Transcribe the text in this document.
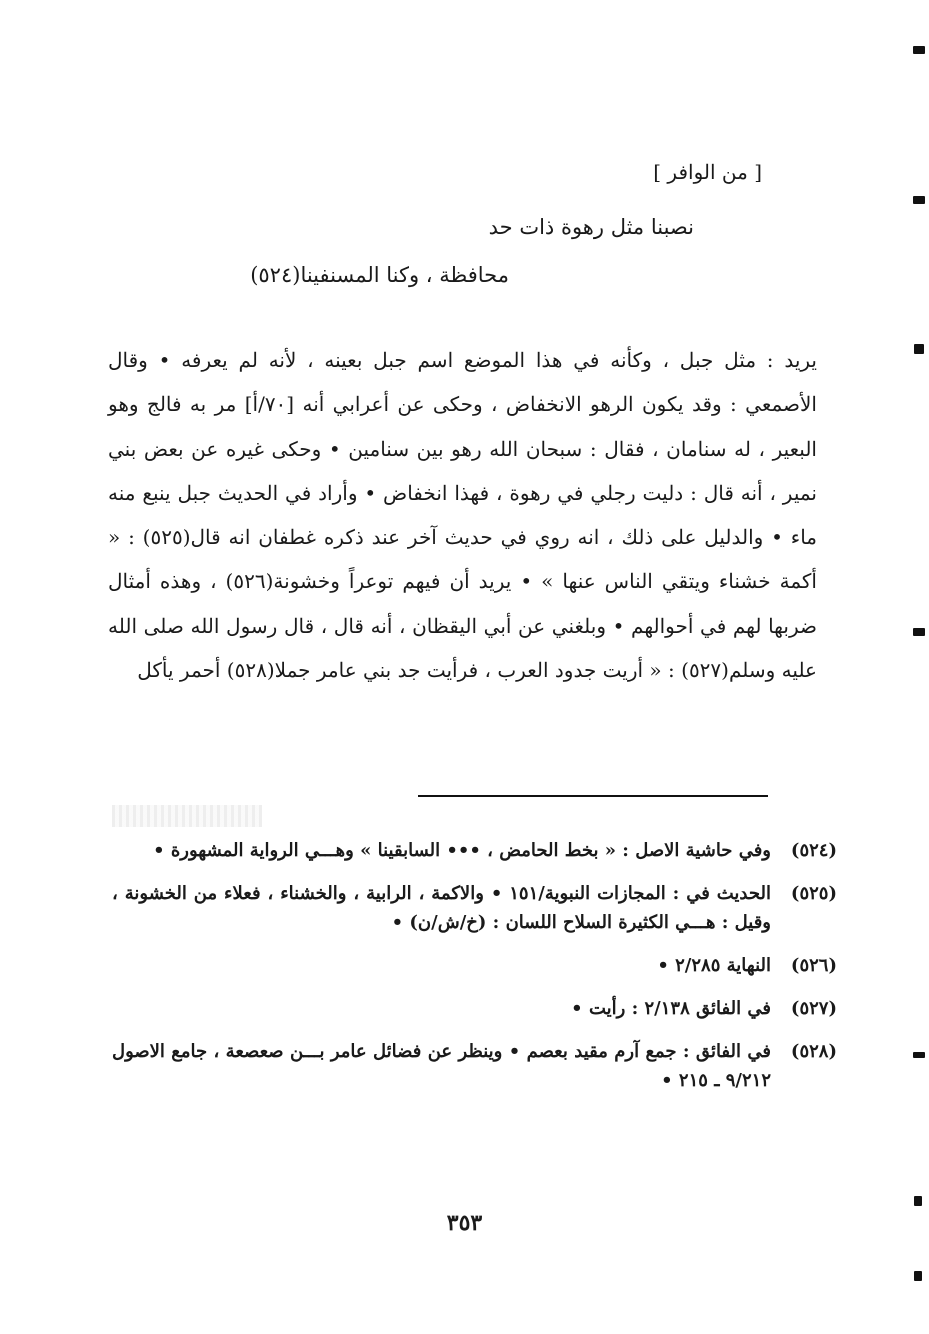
[ من الوافر ]
نصبنا مثل رهوة ذات حد
محافظة ، وكنا المسنفينا(٥٢٤)

يريد : مثل جبل ، وكأنه في هذا الموضع اسم جبل بعينه ، لأنه لم يعرفه • وقال الأصمعي : وقد يكون الرهو الانخفاض ، وحكى عن أعرابي أنه [٧٠/أ] مر به فالج وهو البعير ، له سنامان ، فقال : سبحان الله رهو بين سنامين • وحكى غيره عن بعض بني نمير ، أنه قال : دليت رجلي في رهوة ، فهذا انخفاض • وأراد في الحديث جبل ينبع منه ماء • والدليل على ذلك ، انه روي في حديث آخر عند ذكره غطفان انه قال(٥٢٥) : « أكمة خشناء ويتقي الناس عنها » • يريد أن فيهم توعراً وخشونة(٥٢٦) ، وهذه أمثال ضربها لهم في أحوالهم • وبلغني عن أبي اليقظان ، أنه قال ، قال رسول الله صلى الله عليه وسلم(٥٢٧) : « أريت جدود العرب ، فرأيت جد بني عامر جملا(٥٢٨) أحمر يأكل

(٥٢٤)
وفي حاشية الاصل : « بخط الحامض ، ••• السابقينا » وهـــي الرواية المشهورة •
(٥٢٥)
الحديث في : المجازات النبوية/١٥١ • والاكمة ، الرابية ، والخشناء ، فعلاء من الخشونة ، وقيل : هـــي الكثيرة السلاح اللسان : (خ/ش/ن) •
(٥٢٦)
النهاية ٢/٢٨٥ •
(٥٢٧)
في الفائق ٢/١٣٨ : رأيت •
(٥٢٨)
في الفائق : جمع آرم مقيد بعصم • وينظر عن فضائل عامر بـــن صعصعة ، جامع الاصول ٩/٢١٢ ـ ٢١٥ •
٣٥٣
